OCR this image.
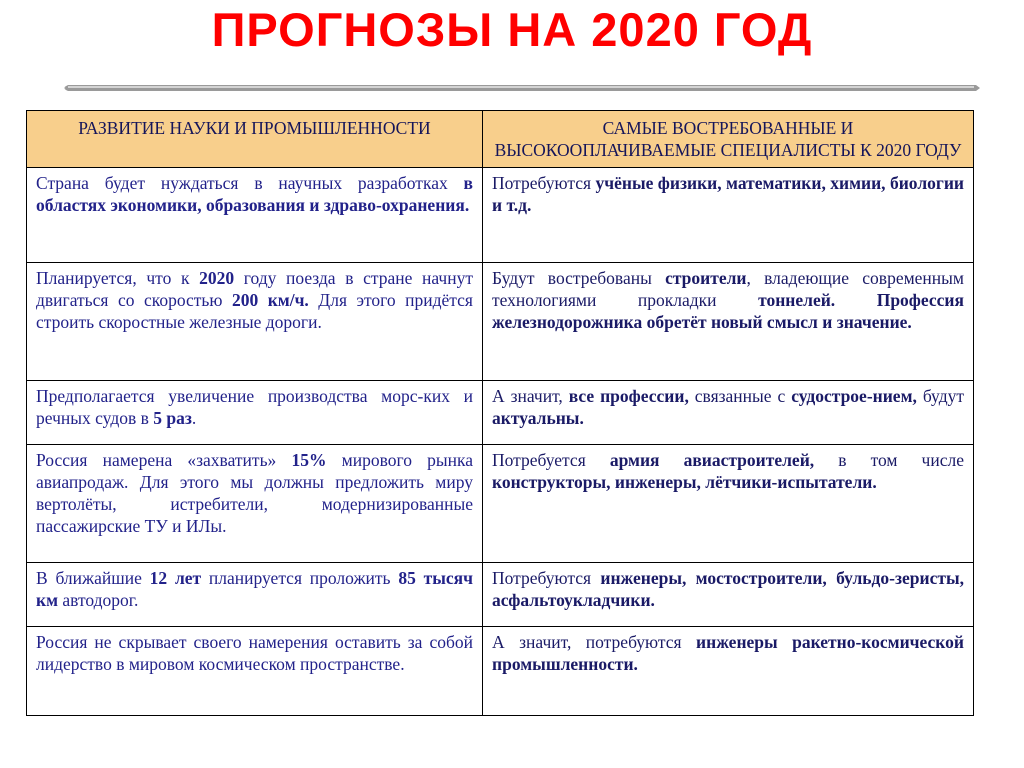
ПРОГНОЗЫ НА 2020 ГОД
РАЗВИТИЕ НАУКИ И ПРОМЫШЛЕННОСТИ	САМЫЕ ВОСТРЕБОВАННЫЕ И ВЫСОКООПЛАЧИВАЕМЫЕ СПЕЦИАЛИСТЫ К 2020 ГОДУ
Страна будет нуждаться в научных разработках в областях экономики, образования и здраво-охранения.	Потребуются учёные физики, математики, химии, биологии и т.д.
Планируется, что к 2020 году поезда в стране начнут двигаться со скоростью 200 км/ч. Для этого придётся строить скоростные железные дороги.	Будут востребованы строители, владеющие современным технологиями прокладки тоннелей. Профессия железнодорожника обретёт новый смысл и значение.
Предполагается увеличение производства морс-ких и речных судов в 5 раз.	А значит, все профессии, связанные с судострое-нием, будут актуальны.
Россия намерена «захватить» 15% мирового рынка авиапродаж. Для этого мы должны предложить миру вертолёты, истребители, модернизированные пассажирские ТУ и ИЛы.	Потребуется армия авиастроителей, в том числе конструкторы, инженеры, лётчики-испытатели.
В ближайшие 12 лет планируется проложить 85 тысяч км автодорог.	Потребуются инженеры, мостостроители, бульдо-зеристы, асфальтоукладчики.
Россия не скрывает своего намерения оставить за собой лидерство в мировом космическом пространстве.	А значит, потребуются инженеры ракетно-космической промышленности.
